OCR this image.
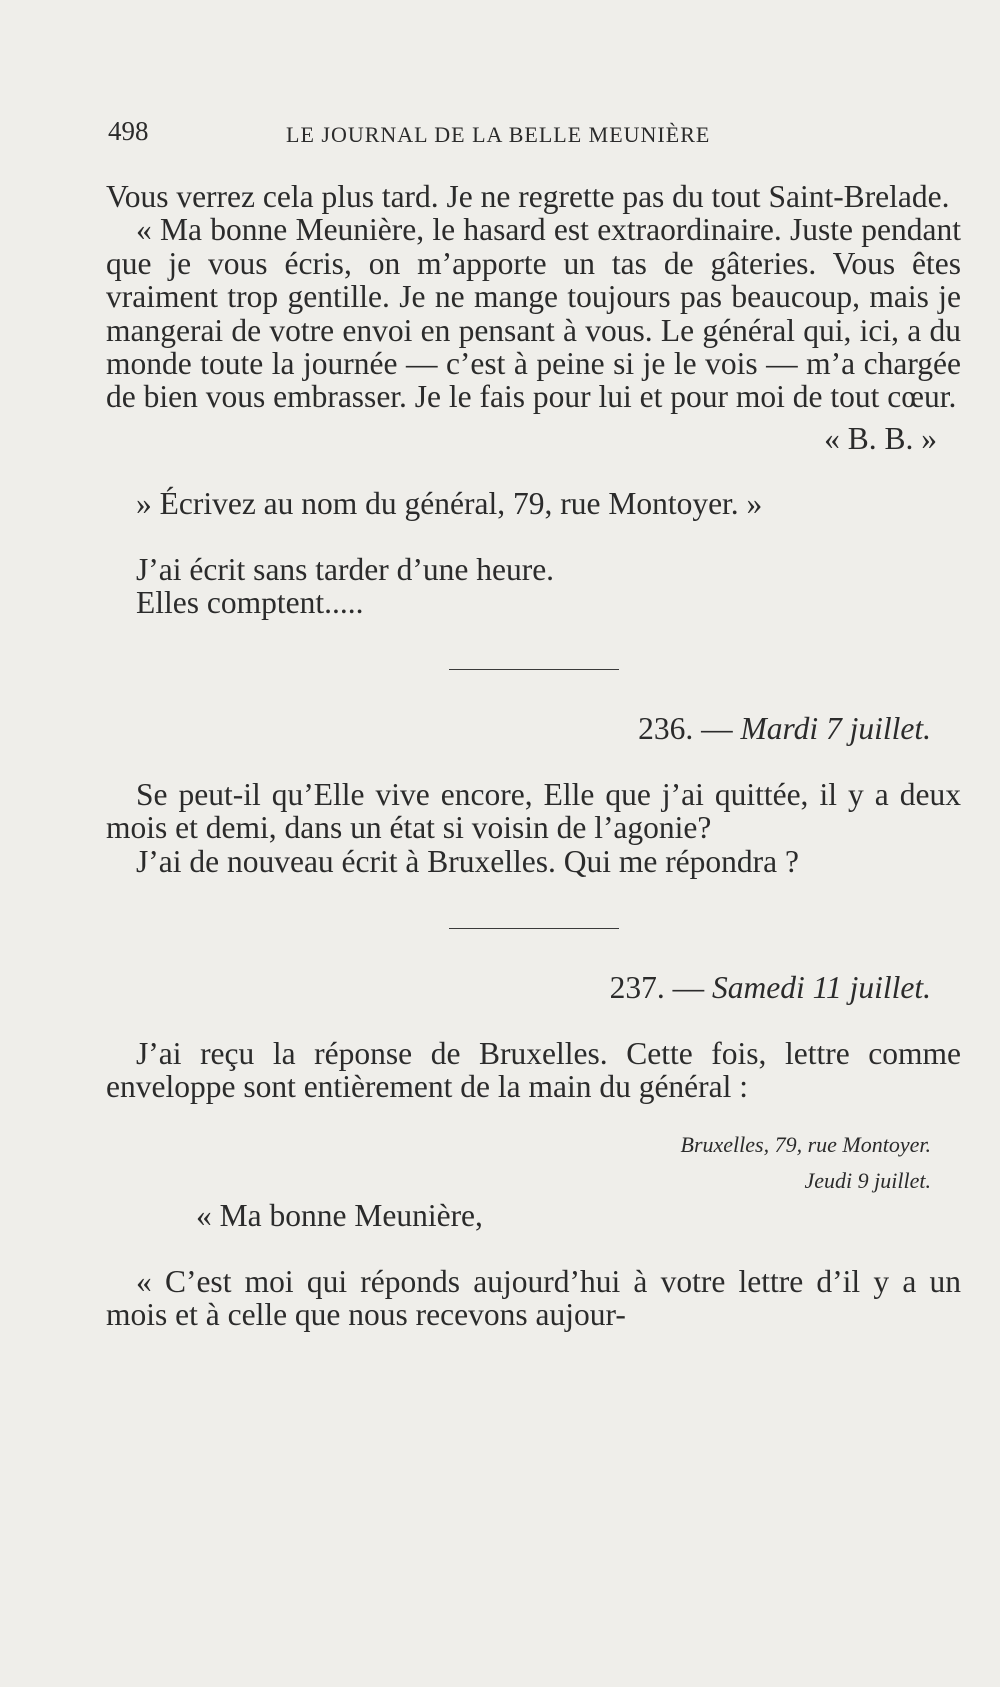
498	LE JOURNAL DE LA BELLE MEUNIÈRE

Vous verrez cela plus tard. Je ne regrette pas du tout Saint-Brelade.

« Ma bonne Meunière, le hasard est extraordinaire. Juste pendant que je vous écris, on m’apporte un tas de gâteries. Vous êtes vraiment trop gentille. Je ne mange toujours pas beaucoup, mais je mangerai de votre envoi en pensant à vous. Le général qui, ici, a du monde toute la journée — c’est à peine si je le vois — m’a chargée de bien vous embrasser. Je le fais pour lui et pour moi de tout cœur.

« B. B. »

» Écrivez au nom du général, 79, rue Montoyer. »

J’ai écrit sans tarder d’une heure.

Elles comptent.....

236. — Mardi 7 juillet.

Se peut-il qu’Elle vive encore, Elle que j’ai quittée, il y a deux mois et demi, dans un état si voisin de l’agonie?

J’ai de nouveau écrit à Bruxelles. Qui me répondra ?

237. — Samedi 11 juillet.

J’ai reçu la réponse de Bruxelles. Cette fois, lettre comme enveloppe sont entièrement de la main du général :

Bruxelles, 79, rue Montoyer.
Jeudi 9 juillet.

« Ma bonne Meunière,

« C’est moi qui réponds aujourd’hui à votre lettre d’il y a un mois et à celle que nous recevons aujour-
